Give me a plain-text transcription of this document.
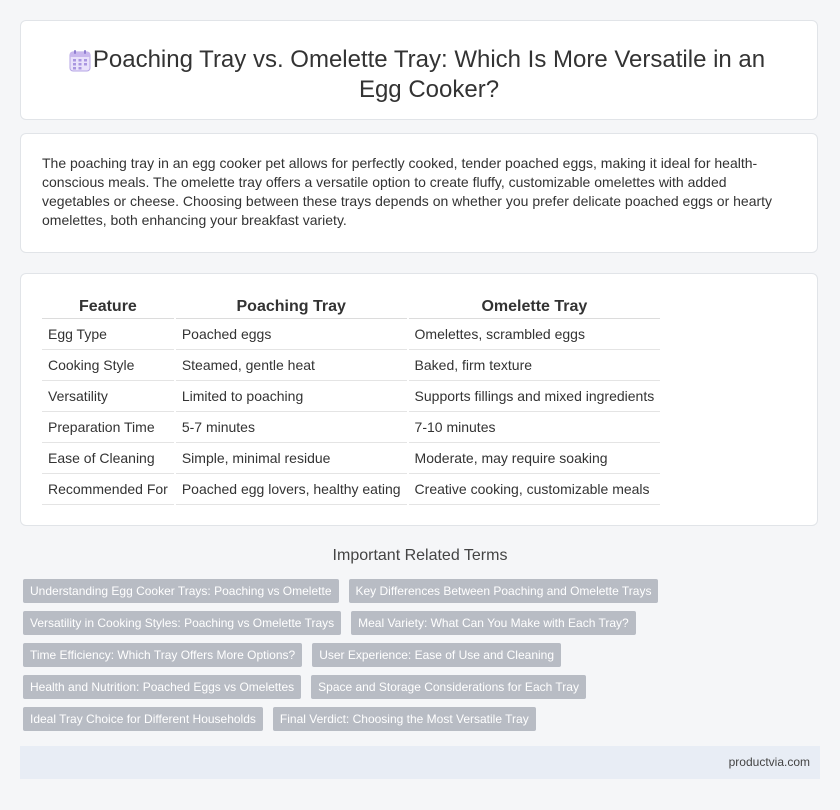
Poaching Tray vs. Omelette Tray: Which Is More Versatile in an Egg Cooker?
The poaching tray in an egg cooker pet allows for perfectly cooked, tender poached eggs, making it ideal for health-conscious meals. The omelette tray offers a versatile option to create fluffy, customizable omelettes with added vegetables or cheese. Choosing between these trays depends on whether you prefer delicate poached eggs or hearty omelettes, both enhancing your breakfast variety.
Feature	Poaching Tray	Omelette Tray
Egg Type	Poached eggs	Omelettes, scrambled eggs
Cooking Style	Steamed, gentle heat	Baked, firm texture
Versatility	Limited to poaching	Supports fillings and mixed ingredients
Preparation Time	5-7 minutes	7-10 minutes
Ease of Cleaning	Simple, minimal residue	Moderate, may require soaking
Recommended For	Poached egg lovers, healthy eating	Creative cooking, customizable meals
Important Related Terms
Understanding Egg Cooker Trays: Poaching vs Omelette Key Differences Between Poaching and Omelette Trays
Versatility in Cooking Styles: Poaching vs Omelette Trays Meal Variety: What Can You Make with Each Tray?
Time Efficiency: Which Tray Offers More Options? User Experience: Ease of Use and Cleaning
Health and Nutrition: Poached Eggs vs Omelettes Space and Storage Considerations for Each Tray
Ideal Tray Choice for Different Households Final Verdict: Choosing the Most Versatile Tray
productvia.com
